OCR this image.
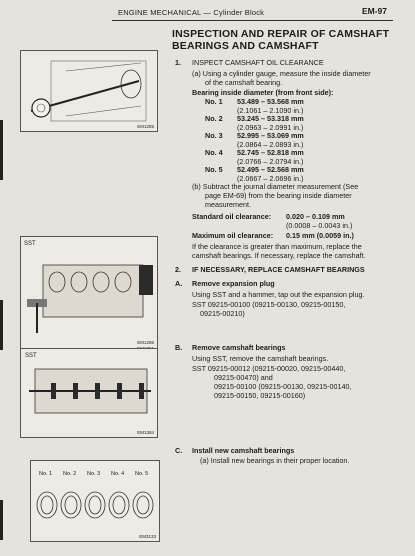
ENGINE MECHANICAL — Cylinder Block	EM-97
INSPECTION AND REPAIR OF CAMSHAFT
BEARINGS AND CAMSHAFT
1. INSPECT CAMSHAFT OIL CLEARANCE
(a) Using a cylinder gauge, measure the inside diameter
of the camshaft bearing.
Bearing inside diameter (from front side):
No. 1 53.489 – 53.568 mm
(2.1061 – 2.1090 in.)
No. 2 53.245 – 53.318 mm
(2.0963 – 2.0991 in.)
No. 3 52.995 – 53.069 mm
(2.0864 – 2.0893 in.)
No. 4 52.745 – 52.818 mm
(2.0766 – 2.0794 in.)
No. 5 52.495 – 52.568 mm
(2.0667 – 2.0696 in.)
(b) Subtract the journal diameter measurement (See
page EM-69) from the bearing inside diameter
measurement.
Standard oil clearance: 0.020 – 0.109 mm
(0.0008 – 0.0043 in.)
Maximum oil clearance: 0.15 mm (0.0059 in.)
If the clearance is greater than maximum, replace the
camshaft bearings. If necessary, replace the camshaft.
2. IF NECESSARY, REPLACE CAMSHAFT BEARINGS
A. Remove expansion plug
Using SST and a hammer, tap out the expansion plug.
SST 09215-00100 (09215-00130, 09215-00150,
09215-00210)
B. Remove camshaft bearings
Using SST, remove the camshaft bearings.
SST 09215-00012 (09215-00020, 09215-00440,
09215-00470) and
09215-00100 (09215-00130, 09215-00140,
09215-00150, 09215-00160)
C. Install new camshaft bearings
(a) Install new bearings in their proper location.
EM1285
SST
EM1286
SST
EM1384
No. 1 No. 2 No. 3 No. 4 No. 5
EM3133
